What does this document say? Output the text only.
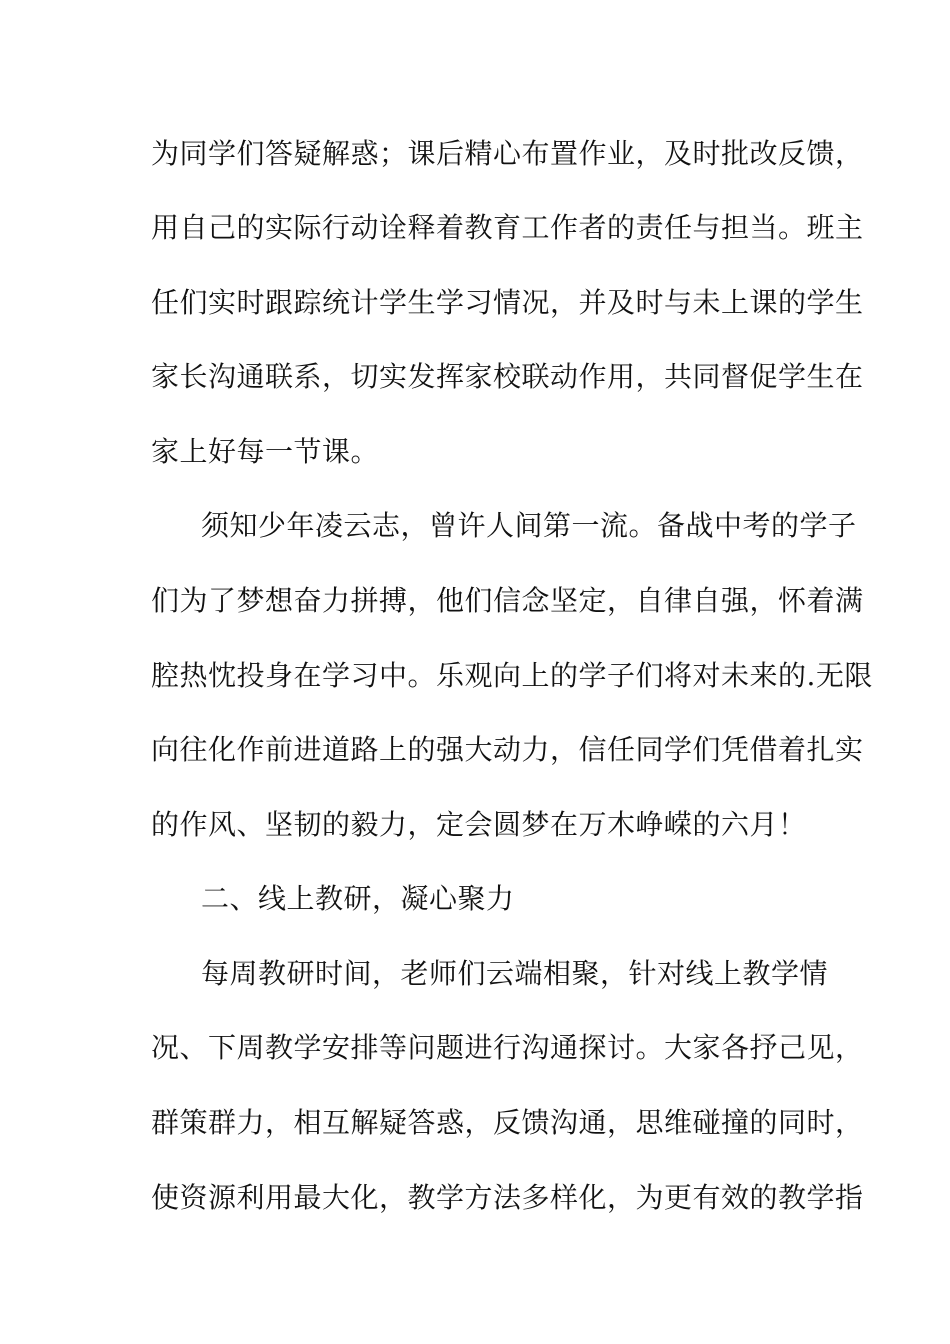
为同学们答疑解惑；课后精心布置作业，及时批改反馈，
用自己的实际行动诠释着教育工作者的责任与担当。班主
任们实时跟踪统计学生学习情况，并及时与未上课的学生
家长沟通联系，切实发挥家校联动作用，共同督促学生在
家上好每一节课。
须知少年凌云志，曾许人间第一流。备战中考的学子
们为了梦想奋力拼搏，他们信念坚定，自律自强，怀着满
腔热忱投身在学习中。乐观向上的学子们将对未来的.无限
向往化作前进道路上的强大动力，信任同学们凭借着扎实
的作风、坚韧的毅力，定会圆梦在万木峥嵘的六月！
二、线上教研，凝心聚力
每周教研时间，老师们云端相聚，针对线上教学情
况、下周教学安排等问题进行沟通探讨。大家各抒己见，
群策群力，相互解疑答惑，反馈沟通，思维碰撞的同时，
使资源利用最大化，教学方法多样化，为更有效的教学指
